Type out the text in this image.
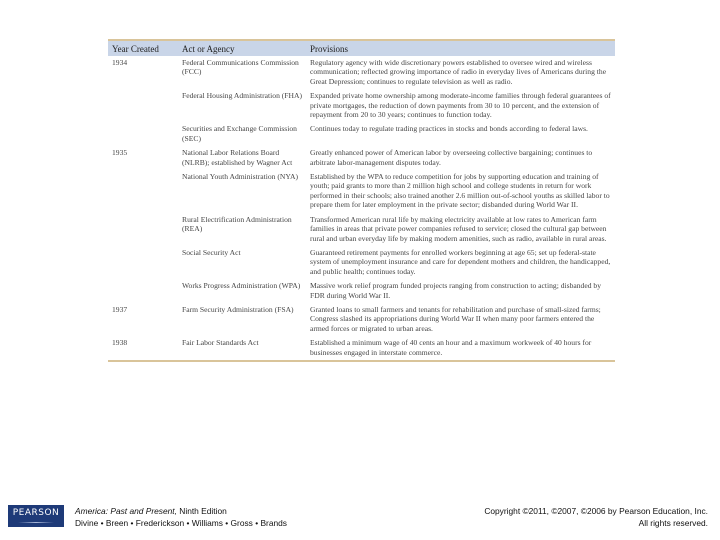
Year Created	Act or Agency	Provisions
1934	Federal Communications Commission (FCC)	Regulatory agency with wide discretionary powers established to oversee wired and wireless communication; reflected growing importance of radio in everyday lives of Americans during the Great Depression; continues to regulate television as well as radio.
	Federal Housing Administration (FHA)	Expanded private home ownership among moderate-income families through federal guarantees of private mortgages, the reduction of down payments from 30 to 10 percent, and the extension of repayment from 20 to 30 years; continues to function today.
	Securities and Exchange Commission (SEC)	Continues today to regulate trading practices in stocks and bonds according to federal laws.
1935	National Labor Relations Board (NLRB); established by Wagner Act	Greatly enhanced power of American labor by overseeing collective bargaining; continues to arbitrate labor-management disputes today.
	National Youth Administration (NYA)	Established by the WPA to reduce competition for jobs by supporting education and training of youth; paid grants to more than 2 million high school and college students in return for work performed in their schools; also trained another 2.6 million out-of-school youths as skilled labor to prepare them for later employment in the private sector; disbanded during World War II.
	Rural Electrification Administration (REA)	Transformed American rural life by making electricity available at low rates to American farm families in areas that private power companies refused to service; closed the cultural gap between rural and urban everyday life by making modern amenities, such as radio, available in rural areas.
	Social Security Act	Guaranteed retirement payments for enrolled workers beginning at age 65; set up federal-state system of unemployment insurance and care for dependent mothers and children, the handicapped, and public health; continues today.
	Works Progress Administration (WPA)	Massive work relief program funded projects ranging from construction to acting; disbanded by FDR during World War II.
1937	Farm Security Administration (FSA)	Granted loans to small farmers and tenants for rehabilitation and purchase of small-sized farms; Congress slashed its appropriations during World War II when many poor farmers entered the armed forces or migrated to urban areas.
1938	Fair Labor Standards Act	Established a minimum wage of 40 cents an hour and a maximum workweek of 40 hours for businesses engaged in interstate commerce.
PEARSON	America: Past and Present, Ninth Edition
Divine • Breen • Frederickson • Williams • Gross • Brands
Copyright ©2011, ©2007, ©2006 by Pearson Education, Inc.
All rights reserved.
